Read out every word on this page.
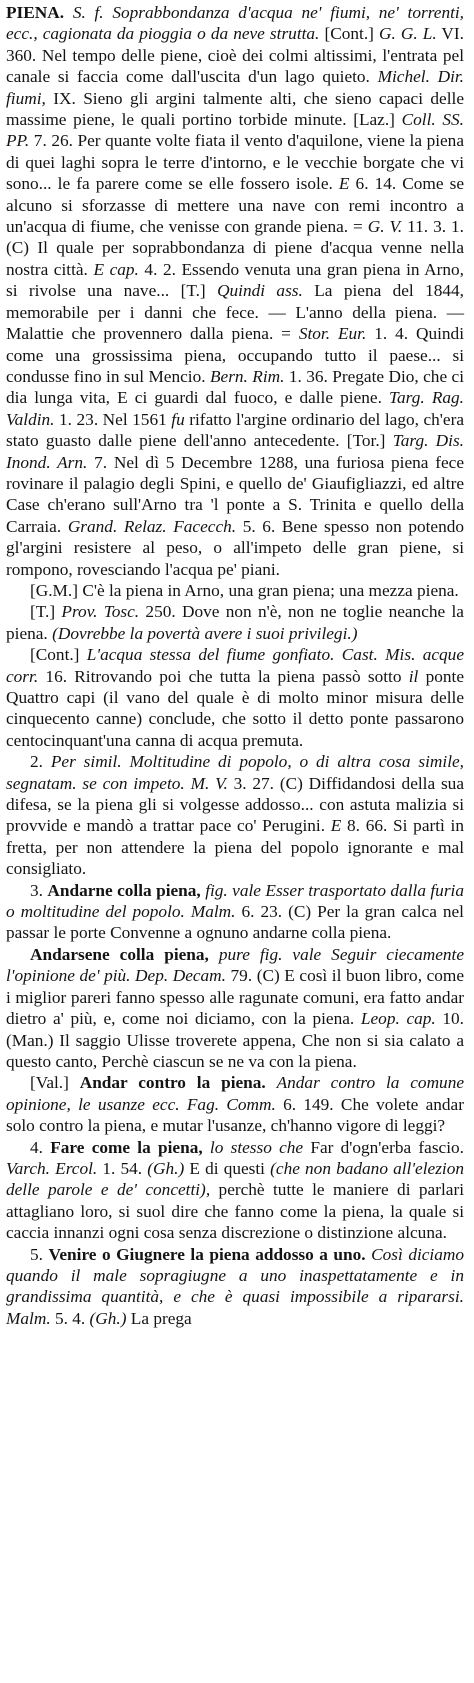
PIENA. S. f. Soprabbondanza d'acqua ne' fiumi, ne' torrenti, ecc., cagionata da pioggia o da neve strutta. [Cont.] G. G. L. VI. 360. Nel tempo delle piene, cioè dei colmi altissimi, l'entrata pel canale si faccia come dall'uscita d'un lago quieto. Michel. Dir. fiumi, IX. Sieno gli argini talmente alti, che sieno capaci delle massime piene, le quali portino torbide minute. [Laz.] Coll. SS. PP. 7. 26. Per quante volte fiata il vento d'aquilone, viene la piena di quei laghi sopra le terre d'intorno, e le vecchie borgate che vi sono... le fa parere come se elle fossero isole. E 6. 14. Come se alcuno si sforzasse di mettere una nave con remi incontro a un'acqua di fiume, che venisse con grande piena. = G. V. 11. 3. 1. (C) Il quale per soprabbondanza di piene d'acqua venne nella nostra città. E cap. 4. 2. Essendo venuta una gran piena in Arno, si rivolse una nave... [T.] Quindi ass. La piena del 1844, memorabile per i danni che fece. — L'anno della piena. — Malattie che provennero dalla piena. = Stor. Eur. 1. 4. Quindi come una grossissima piena, occupando tutto il paese... si condusse fino in sul Mencio. Bern. Rim. 1. 36. Pregate Dio, che ci dia lunga vita, E ci guardi dal fuoco, e dalle piene. Targ. Rag. Valdin. 1. 23. Nel 1561 fu rifatto l'argine ordinario del lago, ch'era stato guasto dalle piene dell'anno antecedente. [Tor.] Targ. Dis. Inond. Arn. 7. Nel dì 5 Decembre 1288, una furiosa piena fece rovinare il palagio degli Spini, e quello de' Giaufigliazzi, ed altre Case ch'erano sull'Arno tra 'l ponte a S. Trinita e quello della Carraia. Grand. Relaz. Facecch. 5. 6. Bene spesso non potendo gl'argini resistere al peso, o all'impeto delle gran piene, si rompono, rovesciando l'acqua pe' piani.

[G.M.] C'è la piena in Arno, una gran piena; una mezza piena.

[T.] Prov. Tosc. 250. Dove non n'è, non ne toglie neanche la piena. (Dovrebbe la povertà avere i suoi privilegi.)

[Cont.] L'acqua stessa del fiume gonfiato. Cast. Mis. acque corr. 16. Ritrovando poi che tutta la piena passò sotto il ponte Quattro capi (il vano del quale è di molto minor misura delle cinquecento canne) conclude, che sotto il detto ponte passarono centocinquant'una canna di acqua premuta.

2. Per simil. Moltitudine di popolo, o di altra cosa simile, segnatam. se con impeto. M. V. 3. 27. (C) Diffidandosi della sua difesa, se la piena gli si volgesse addosso... con astuta malizia si provvide e mandò a trattar pace co' Perugini. E 8. 66. Si partì in fretta, per non attendere la piena del popolo ignorante e mal consigliato.

3. Andarne colla piena, fig. vale Esser trasportato dalla furia o moltitudine del popolo. Malm. 6. 23. (C) Per la gran calca nel passar le porte Convenne a ognuno andarne colla piena.

Andarsene colla piena, pure fig. vale Seguir ciecamente l'opinione de' più. Dep. Decam. 79. (C) E così il buon libro, come i miglior pareri fanno spesso alle ragunate comuni, era fatto andar dietro a' più, e, come noi diciamo, con la piena. Leop. cap. 10. (Man.) Il saggio Ulisse troverete appena, Che non si sia calato a questo canto, Perchè ciascun se ne va con la piena.

[Val.] Andar contro la piena. Andar contro la comune opinione, le usanze ecc. Fag. Comm. 6. 149. Che volete andar solo contro la piena, e mutar l'usanze, ch'hanno vigore di leggi?

4. Fare come la piena, lo stesso che Far d'ogn'erba fascio. Varch. Ercol. 1. 54. (Gh.) E di questi (che non badano all'elezion delle parole e de' concetti), perchè tutte le maniere di parlari attagliano loro, si suol dire che fanno come la piena, la quale si caccia innanzi ogni cosa senza discrezione o distinzione alcuna.

5. Venire o Giugnere la piena addosso a uno. Così diciamo quando il male sopragiugne a uno inaspettatamente e in grandissima quantità, e che è quasi impossibile a ripararsi. Malm. 5. 4. (Gh.) La prega
